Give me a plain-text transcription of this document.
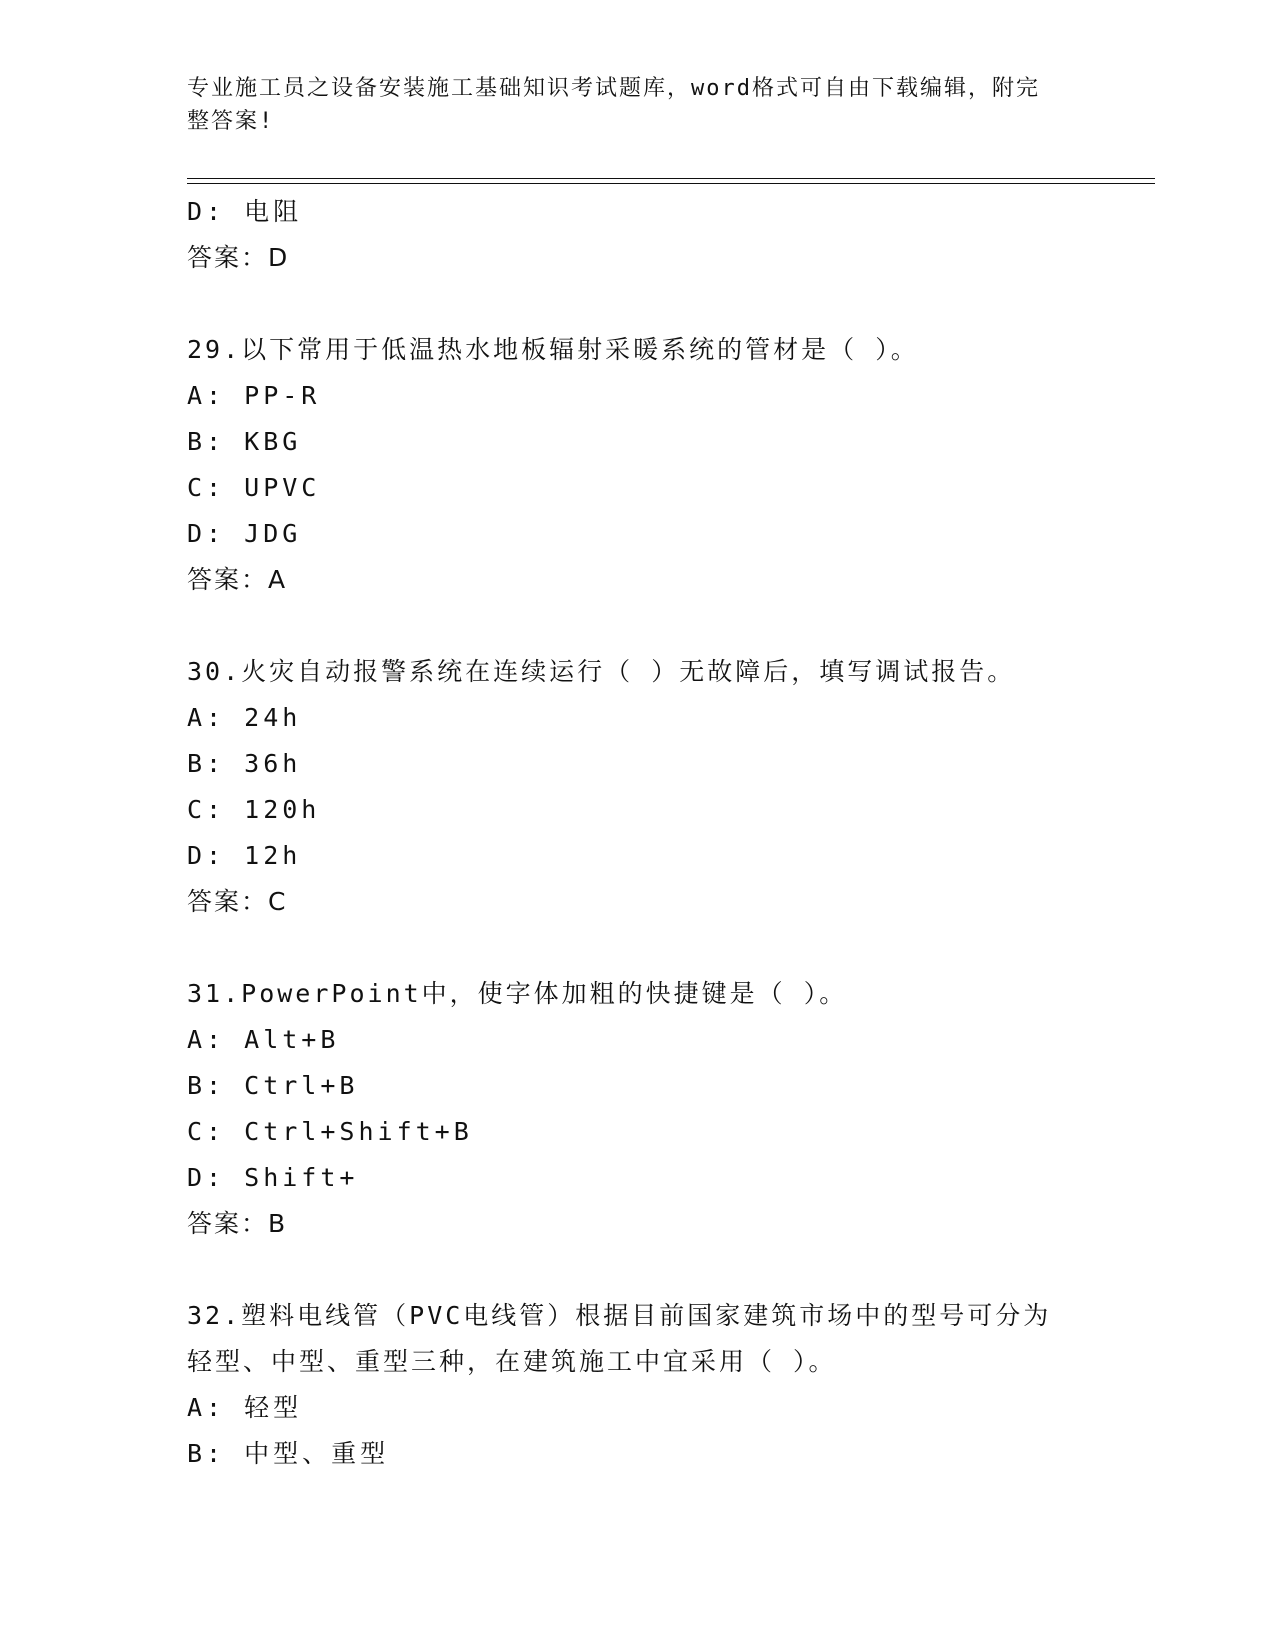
专业施工员之设备安装施工基础知识考试题库，word格式可自由下载编辑，附完
整答案!
D: 电阻
答案：D
29.以下常用于低温热水地板辐射采暖系统的管材是（ ）。
A: PP-R
B: KBG
C: UPVC
D: JDG
答案：A
30.火灾自动报警系统在连续运行（ ）无故障后，填写调试报告。
A: 24h
B: 36h
C: 120h
D: 12h
答案：C
31.PowerPoint中，使字体加粗的快捷键是（ ）。
A: Alt+B
B: Ctrl+B
C: Ctrl+Shift+B
D: Shift+
答案：B
32.塑料电线管（PVC电线管）根据目前国家建筑市场中的型号可分为
轻型、中型、重型三种，在建筑施工中宜采用（ ）。
A: 轻型
B: 中型、重型
